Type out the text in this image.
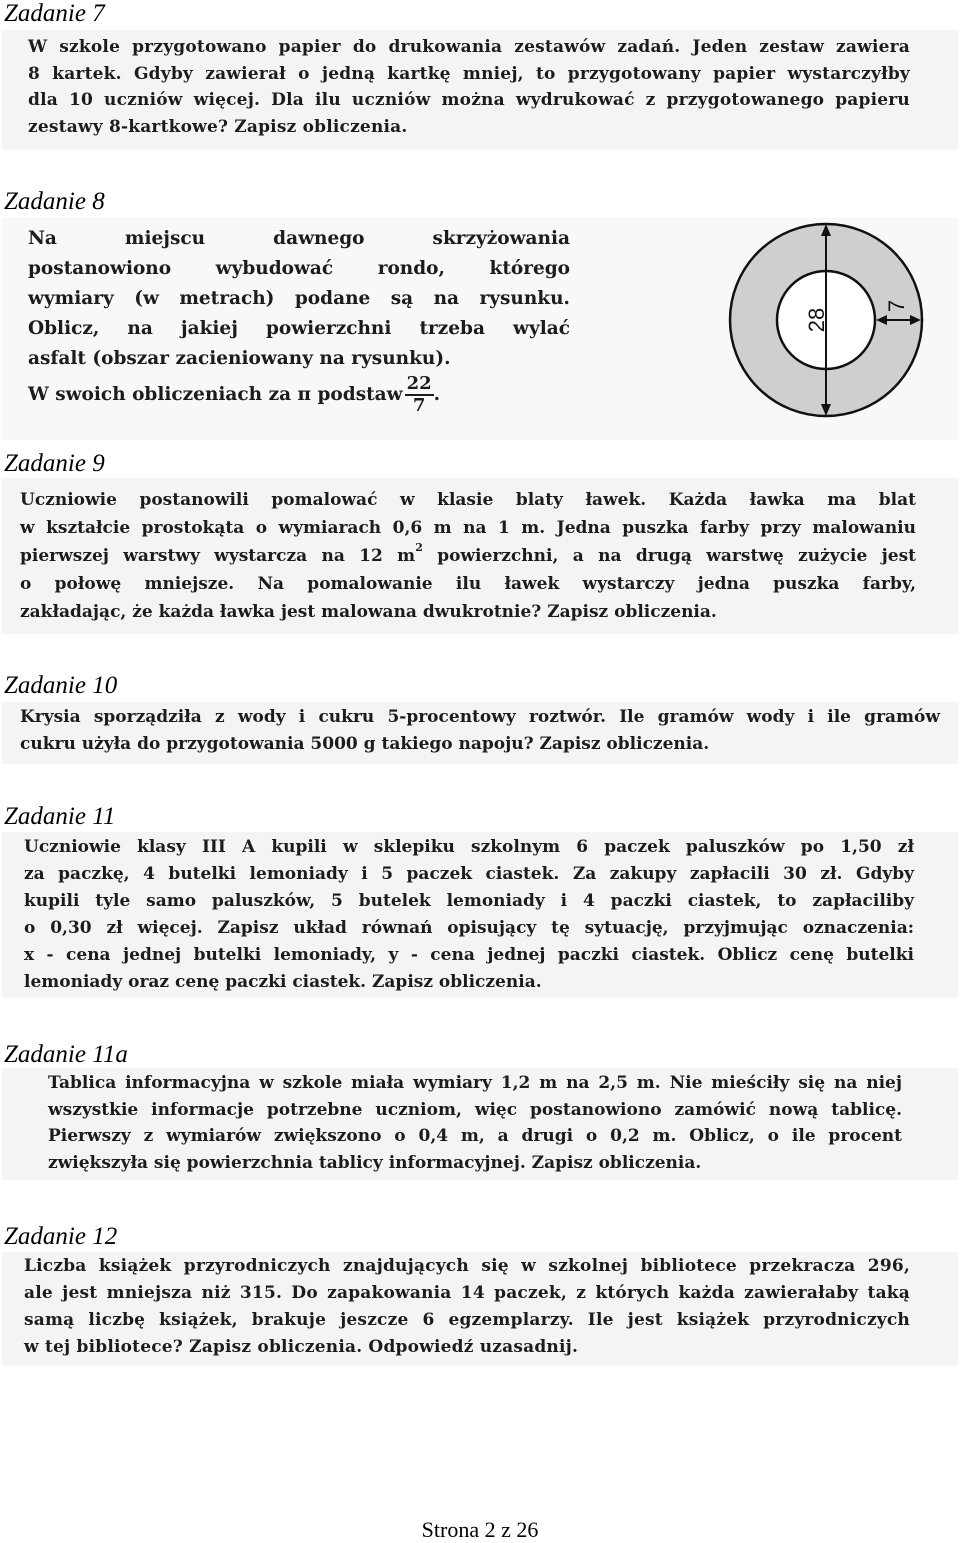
Zadanie 7
W szkole przygotowano papier do drukowania zestawów zadań. Jeden zestaw zawiera
8 kartek. Gdyby zawierał o jedną kartkę mniej, to przygotowany papier wystarczyłby
dla 10 uczniów więcej. Dla ilu uczniów można wydrukować z przygotowanego papieru
zestawy 8-kartkowe? Zapisz obliczenia.
Zadanie 8
Na miejscu dawnego skrzyżowania
postanowiono wybudować rondo, którego
wymiary (w metrach) podane są na rysunku.
Oblicz, na jakiej powierzchni trzeba wylać
asfalt (obszar zacieniowany na rysunku).
W swoich obliczeniach za π podstaw $\frac{22}{7}$ .
28
7
Zadanie 9
Uczniowie postanowili pomalować w klasie blaty ławek. Każda ławka ma blat
w kształcie prostokąta o wymiarach 0,6 m na 1 m. Jedna puszka farby przy malowaniu
pierwszej warstwy wystarcza na 12 $m^2$ powierzchni, a na drugą warstwę zużycie jest
o połowę mniejsze. Na pomalowanie ilu ławek wystarczy jedna puszka farby,
zakładając, że każda ławka jest malowana dwukrotnie? Zapisz obliczenia.
Zadanie 10
Krysia sporządziła z wody i cukru 5-procentowy roztwór. Ile gramów wody i ile gramów
cukru użyła do przygotowania 5000 g takiego napoju? Zapisz obliczenia.
Zadanie 11
Uczniowie klasy III A kupili w sklepiku szkolnym 6 paczek paluszków po 1,50 zł
za paczkę, 4 butelki lemoniady i 5 paczek ciastek. Za zakupy zapłacili 30 zł. Gdyby
kupili tyle samo paluszków, 5 butelek lemoniady i 4 paczki ciastek, to zapłaciliby
o 0,30 zł więcej. Zapisz układ równań opisujący tę sytuację, przyjmując oznaczenia:
x - cena jednej butelki lemoniady, y - cena jednej paczki ciastek. Oblicz cenę butelki
lemoniady oraz cenę paczki ciastek. Zapisz obliczenia.
Zadanie 11a
Tablica informacyjna w szkole miała wymiary 1,2 m na 2,5 m. Nie mieściły się na niej
wszystkie informacje potrzebne uczniom, więc postanowiono zamówić nową tablicę.
Pierwszy z wymiarów zwiększono o 0,4 m, a drugi o 0,2 m. Oblicz, o ile procent
zwiększyła się powierzchnia tablicy informacyjnej. Zapisz obliczenia.
Zadanie 12
Liczba książek przyrodniczych znajdujących się w szkolnej bibliotece przekracza 296,
ale jest mniejsza niż 315. Do zapakowania 14 paczek, z których każda zawierałaby taką
samą liczbę książek, brakuje jeszcze 6 egzemplarzy. Ile jest książek przyrodniczych
w tej bibliotece? Zapisz obliczenia. Odpowiedź uzasadnij.
Strona 2 z 26
